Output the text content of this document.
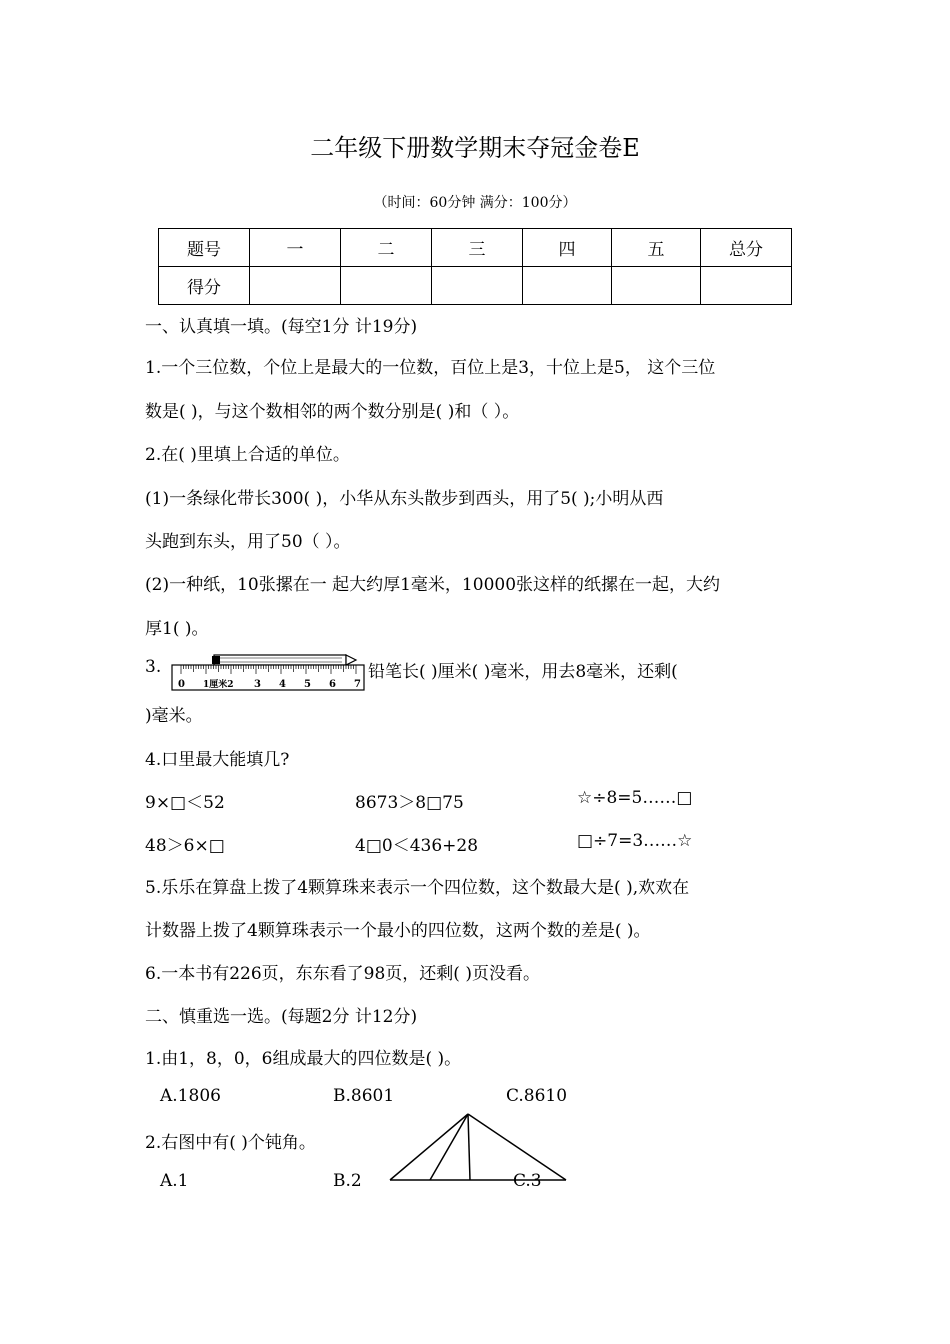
二年级下册数学期末夺冠金卷E
（时间：60分钟 满分：100分）
题号	一	二	三	四	五	总分
得分						
一、认真填一填。(每空1分 计19分)
1.一个三位数，个位上是最大的一位数，百位上是3，十位上是5， 这个三位
数是( )，与这个数相邻的两个数分别是( )和（ ）。
2.在( )里填上合适的单位。
(1)一条绿化带长300( )，小华从东头散步到西头，用了5( );小明从西
头跑到东头，用了50（ ）。
(2)一种纸，10张摞在一 起大约厚1毫米，10000张这样的纸摞在一起，大约
厚1( )。
3.
0 1厘米2 3 4 5 6 7
铅笔长( )厘米( )毫米，用去8毫米，还剩(
)毫米。
4.口里最大能填几?
9×□＜52	8673＞8□75	☆÷8=5……□
48＞6×□	4□0＜436+28	□÷7=3……☆
5.乐乐在算盘上拨了4颗算珠来表示一个四位数，这个数最大是( ),欢欢在
计数器上拨了4颗算珠表示一个最小的四位数，这两个数的差是( )。
6.一本书有226页，东东看了98页，还剩( )页没看。
二、慎重选一选。(每题2分 计12分)
1.由1，8，0，6组成最大的四位数是( )。
A.1806	B.8601	C.8610
2.右图中有( )个钝角。
A.1	B.2	C.3
